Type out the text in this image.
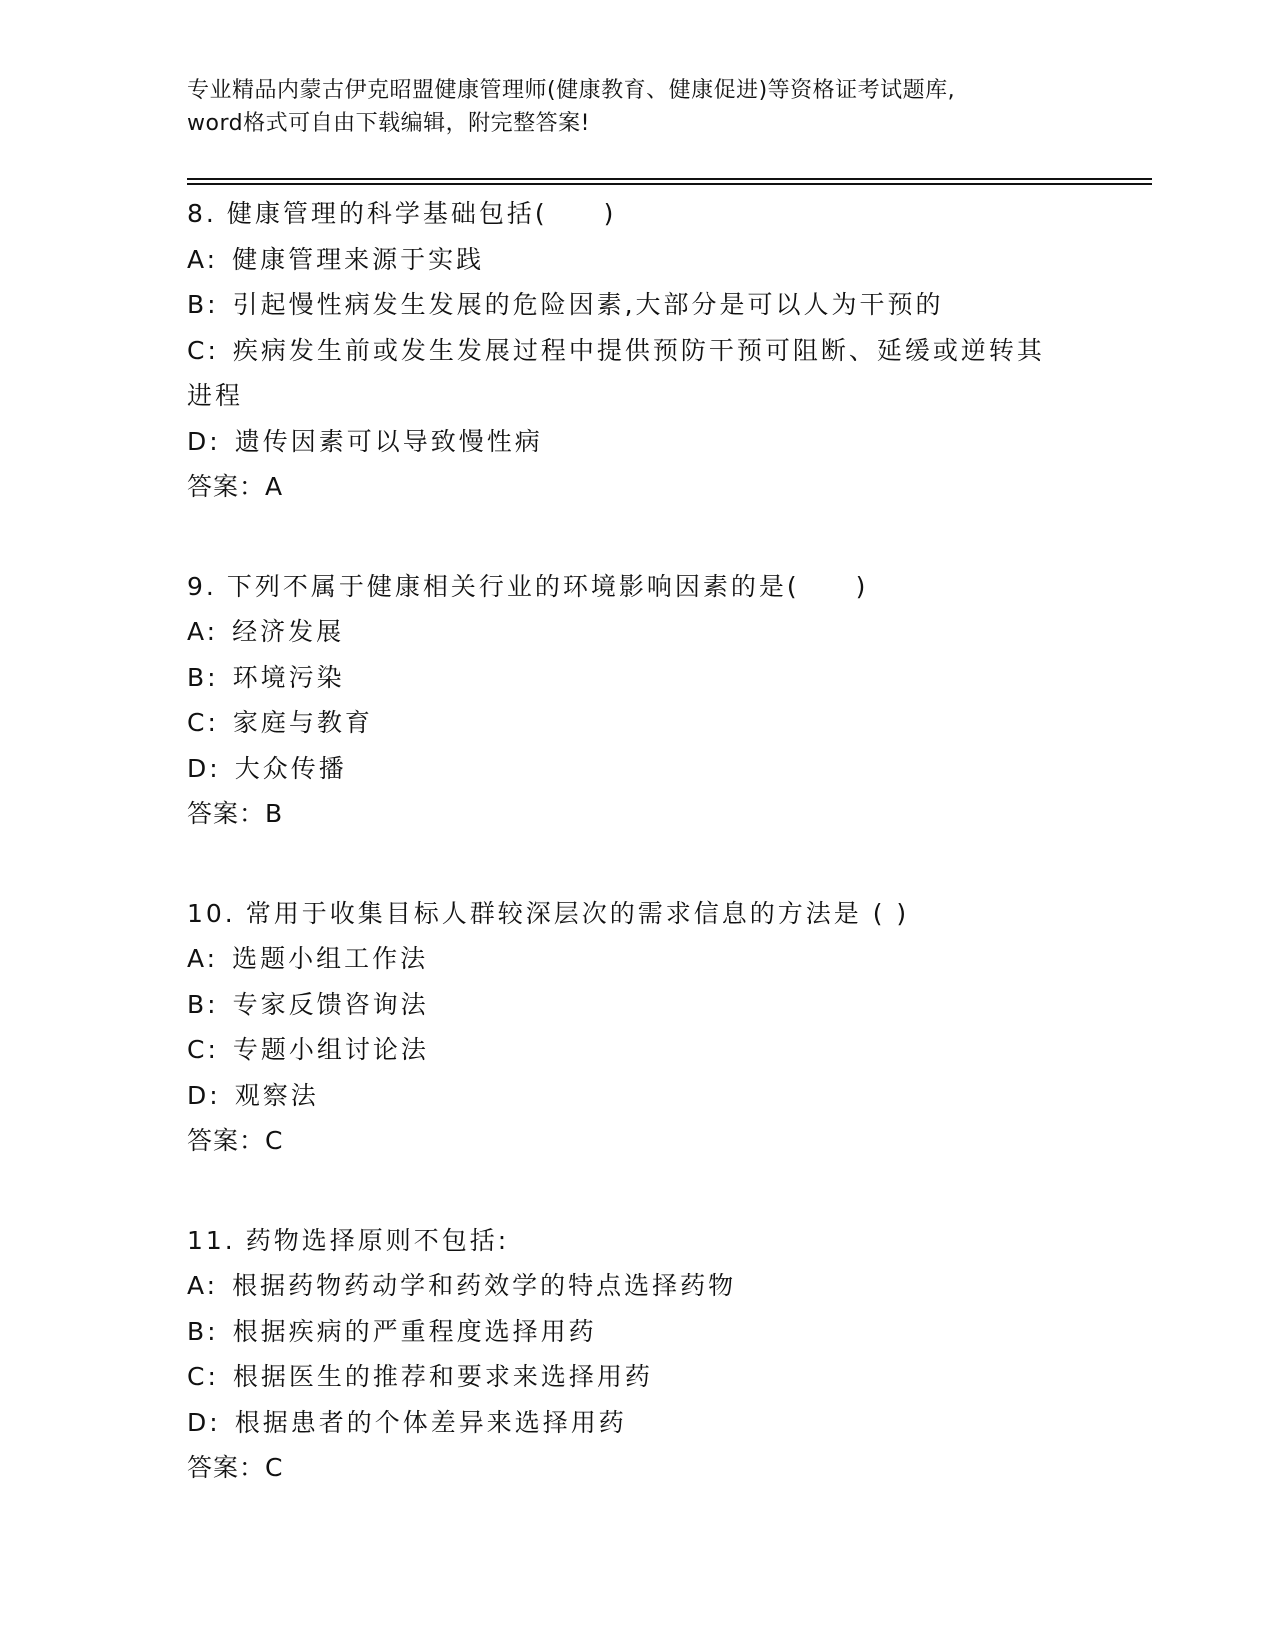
专业精品内蒙古伊克昭盟健康管理师(健康教育、健康促进)等资格证考试题库,
word格式可自由下载编辑，附完整答案!
8. 健康管理的科学基础包括(　　)
A: 健康管理来源于实践
B: 引起慢性病发生发展的危险因素,大部分是可以人为干预的
C: 疾病发生前或发生发展过程中提供预防干预可阻断、延缓或逆转其
进程
D: 遗传因素可以导致慢性病
答案：A
9. 下列不属于健康相关行业的环境影响因素的是(　　)
A: 经济发展
B: 环境污染
C: 家庭与教育
D: 大众传播
答案：B
10. 常用于收集目标人群较深层次的需求信息的方法是 ( )
A: 选题小组工作法
B: 专家反馈咨询法
C: 专题小组讨论法
D: 观察法
答案：C
11. 药物选择原则不包括:
A: 根据药物药动学和药效学的特点选择药物
B: 根据疾病的严重程度选择用药
C: 根据医生的推荐和要求来选择用药
D: 根据患者的个体差异来选择用药
答案：C
